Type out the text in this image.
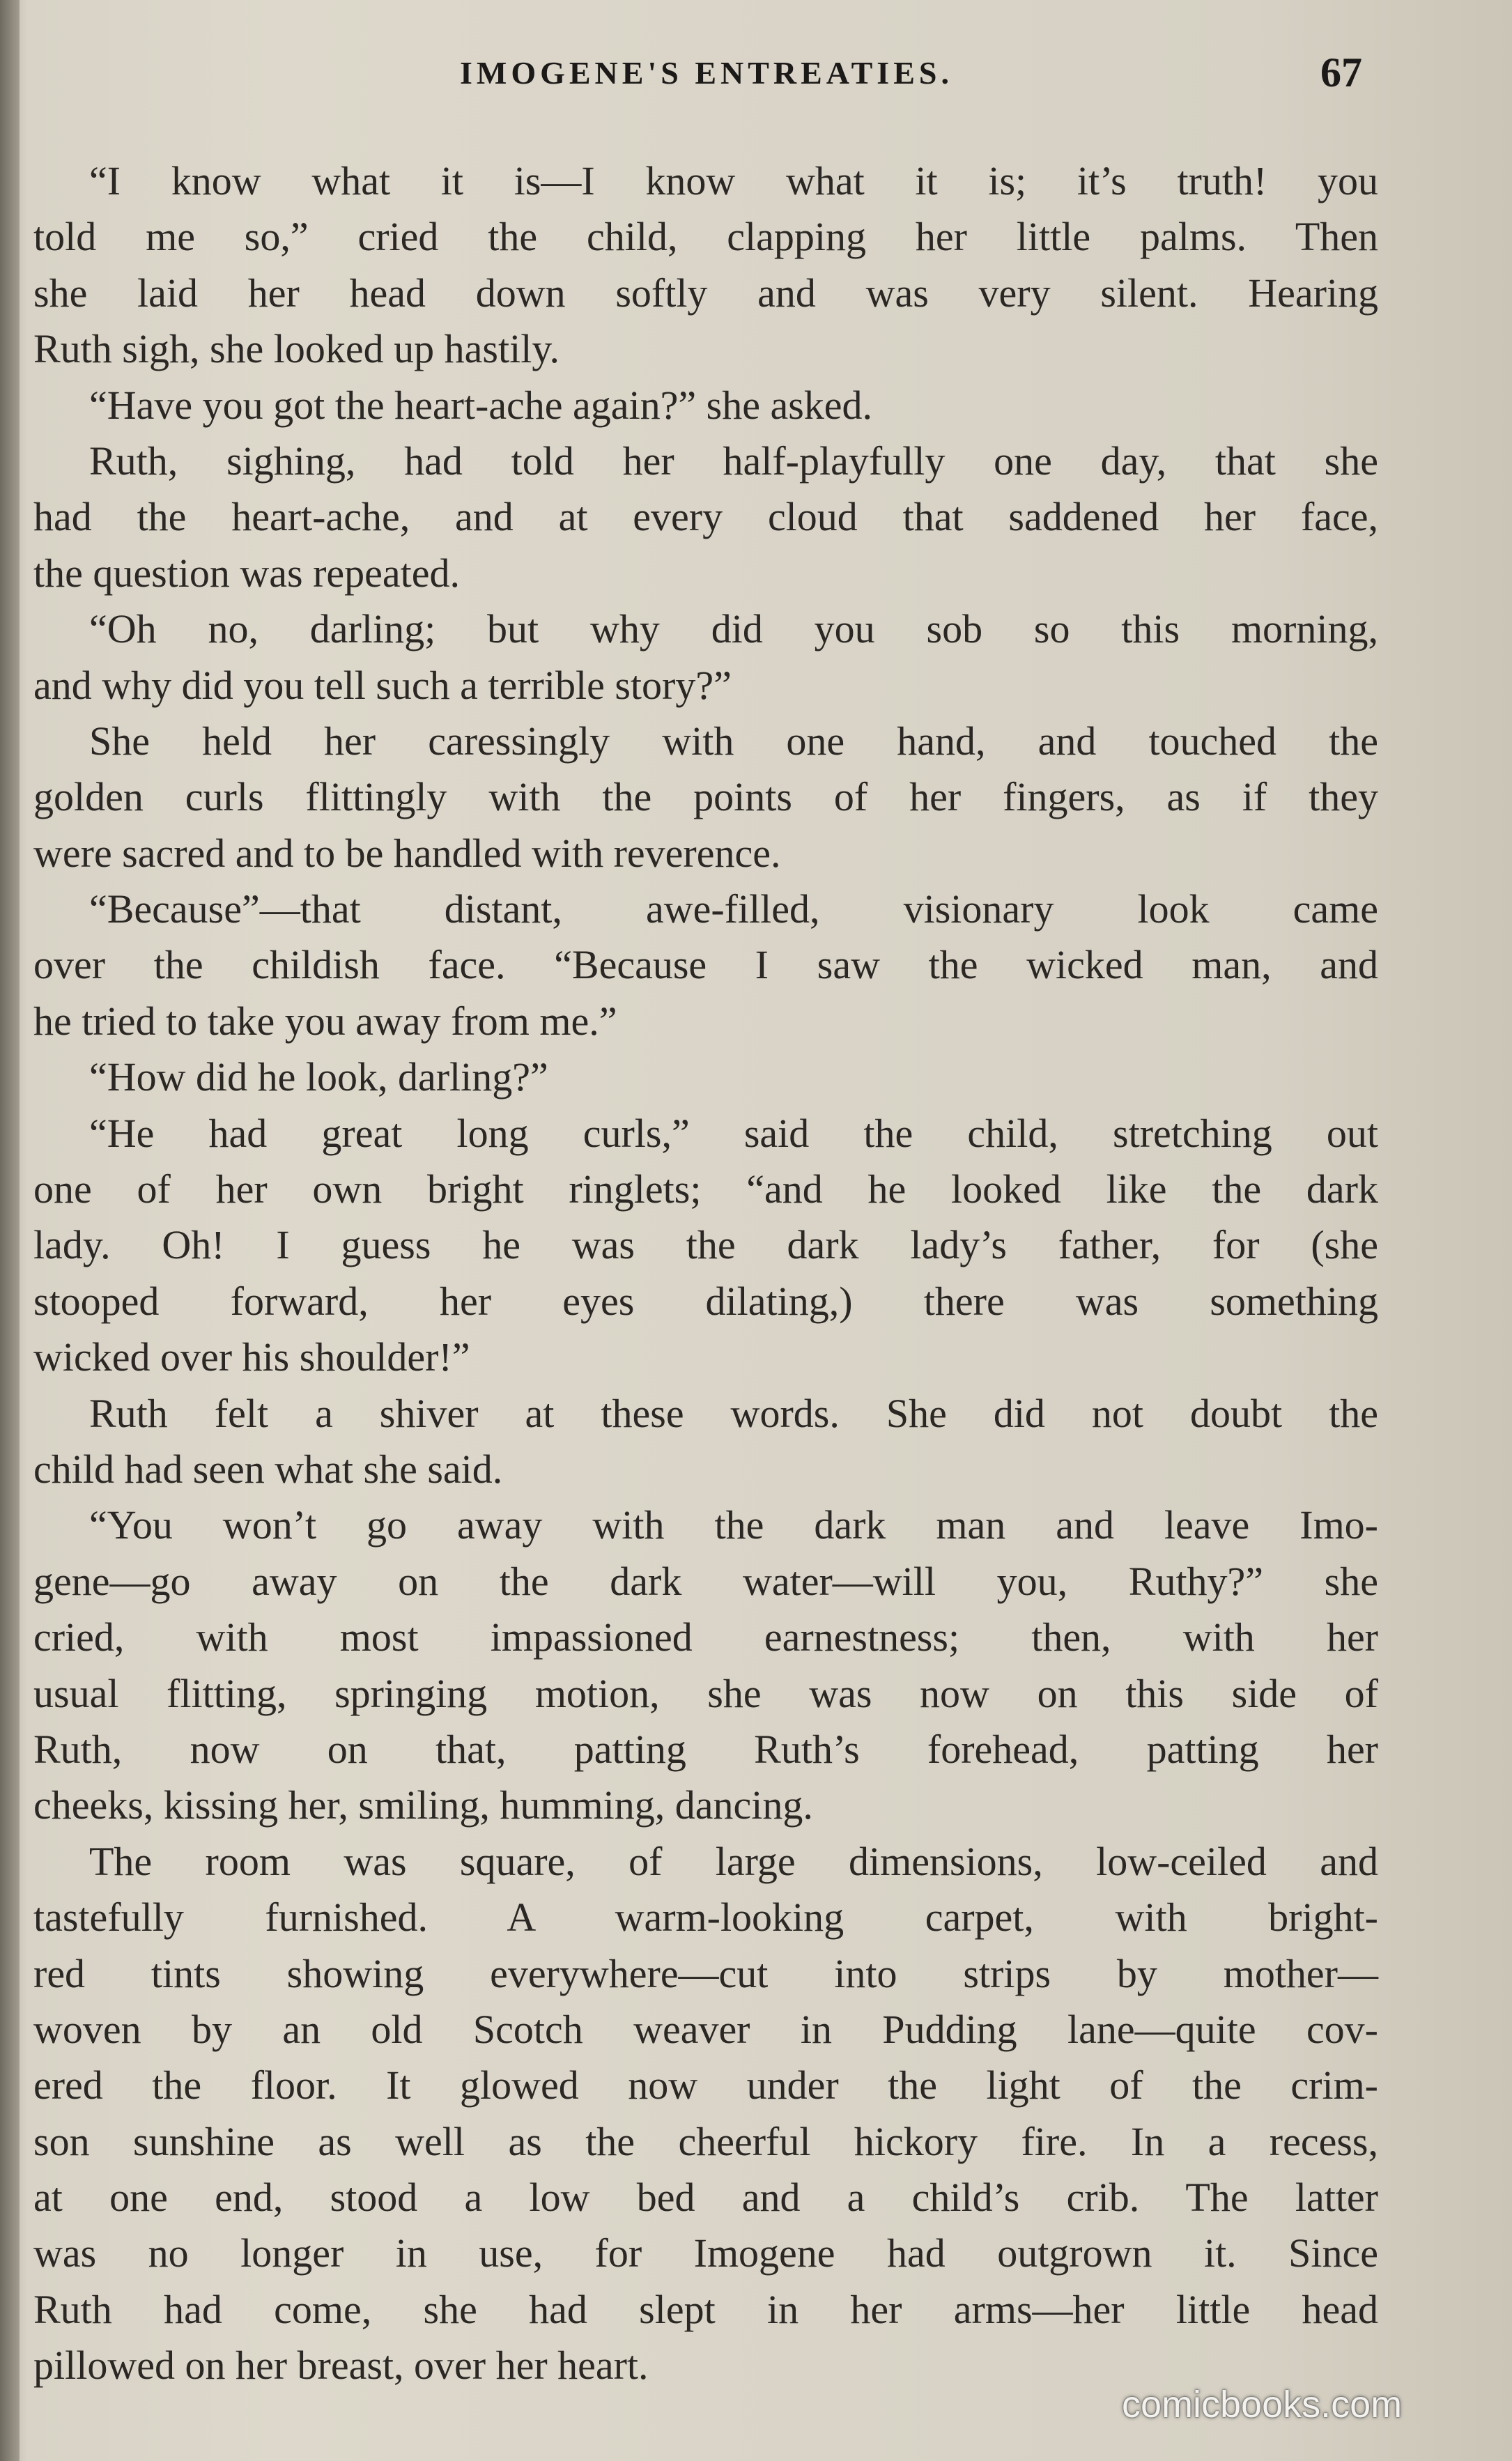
IMOGENE'S ENTREATIES.	67
“I know what it is—I know what it is; it’s truth! you
told me so,” cried the child, clapping her little palms. Then
she laid her head down softly and was very silent. Hearing
Ruth sigh, she looked up hastily.
“Have you got the heart-ache again?” she asked.
Ruth, sighing, had told her half-playfully one day, that she
had the heart-ache, and at every cloud that saddened her face,
the question was repeated.
“Oh no, darling; but why did you sob so this morning,
and why did you tell such a terrible story?”
She held her caressingly with one hand, and touched the
golden curls flittingly with the points of her fingers, as if they
were sacred and to be handled with reverence.
“Because”—that distant, awe-filled, visionary look came
over the childish face. “Because I saw the wicked man, and
he tried to take you away from me.”
“How did he look, darling?”
“He had great long curls,” said the child, stretching out
one of her own bright ringlets; “and he looked like the dark
lady. Oh! I guess he was the dark lady’s father, for (she
stooped forward, her eyes dilating,) there was something
wicked over his shoulder!”
Ruth felt a shiver at these words. She did not doubt the
child had seen what she said.
“You won’t go away with the dark man and leave Imo-
gene—go away on the dark water—will you, Ruthy?” she
cried, with most impassioned earnestness; then, with her
usual flitting, springing motion, she was now on this side of
Ruth, now on that, patting Ruth’s forehead, patting her
cheeks, kissing her, smiling, humming, dancing.
The room was square, of large dimensions, low-ceiled and
tastefully furnished. A warm-looking carpet, with bright-
red tints showing everywhere—cut into strips by mother—
woven by an old Scotch weaver in Pudding lane—quite cov-
ered the floor. It glowed now under the light of the crim-
son sunshine as well as the cheerful hickory fire. In a recess,
at one end, stood a low bed and a child’s crib. The latter
was no longer in use, for Imogene had outgrown it. Since
Ruth had come, she had slept in her arms—her little head
pillowed on her breast, over her heart.
comicbooks.com
